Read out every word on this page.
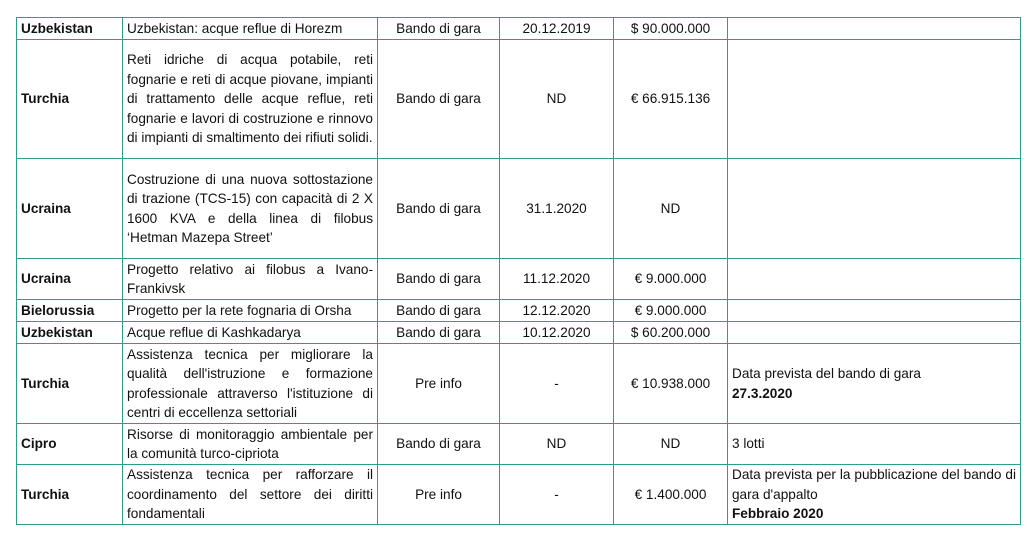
Uzbekistan	Uzbekistan: acque reflue di Horezm	Bando di gara	20.12.2019	$ 90.000.000	

Turchia	Reti idriche di acqua potabile, reti fognarie e reti di acque piovane, impianti di trattamento delle acque reflue, reti fognarie e lavori di costruzione e rinnovo di impianti di smaltimento dei rifiuti solidi.	Bando di gara	ND	€ 66.915.136	

Ucraina	Costruzione di una nuova sottostazione di trazione (TCS-15) con capacità di 2 X 1600 KVA e della linea di filobus ‘Hetman Mazepa Street’	Bando di gara	31.1.2020	ND	

Ucraina	Progetto relativo ai filobus a Ivano-Frankivsk	Bando di gara	11.12.2020	€ 9.000.000	

Bielorussia	Progetto per la rete fognaria di Orsha	Bando di gara	12.12.2020	€ 9.000.000	

Uzbekistan	Acque reflue di Kashkadarya	Bando di gara	10.12.2020	$ 60.200.000	

Turchia	Assistenza tecnica per migliorare la qualità dell'istruzione e formazione professionale attraverso l'istituzione di centri di eccellenza settoriali	Pre info	-	€ 10.938.000	Data prevista del bando di gara
27.3.2020

Cipro	Risorse di monitoraggio ambientale per la comunità turco-cipriota	Bando di gara	ND	ND	3 lotti

Turchia	Assistenza tecnica per rafforzare il coordinamento del settore dei diritti fondamentali	Pre info	-	€ 1.400.000	Data prevista per la pubblicazione del bando di gara d'appalto
Febbraio 2020
